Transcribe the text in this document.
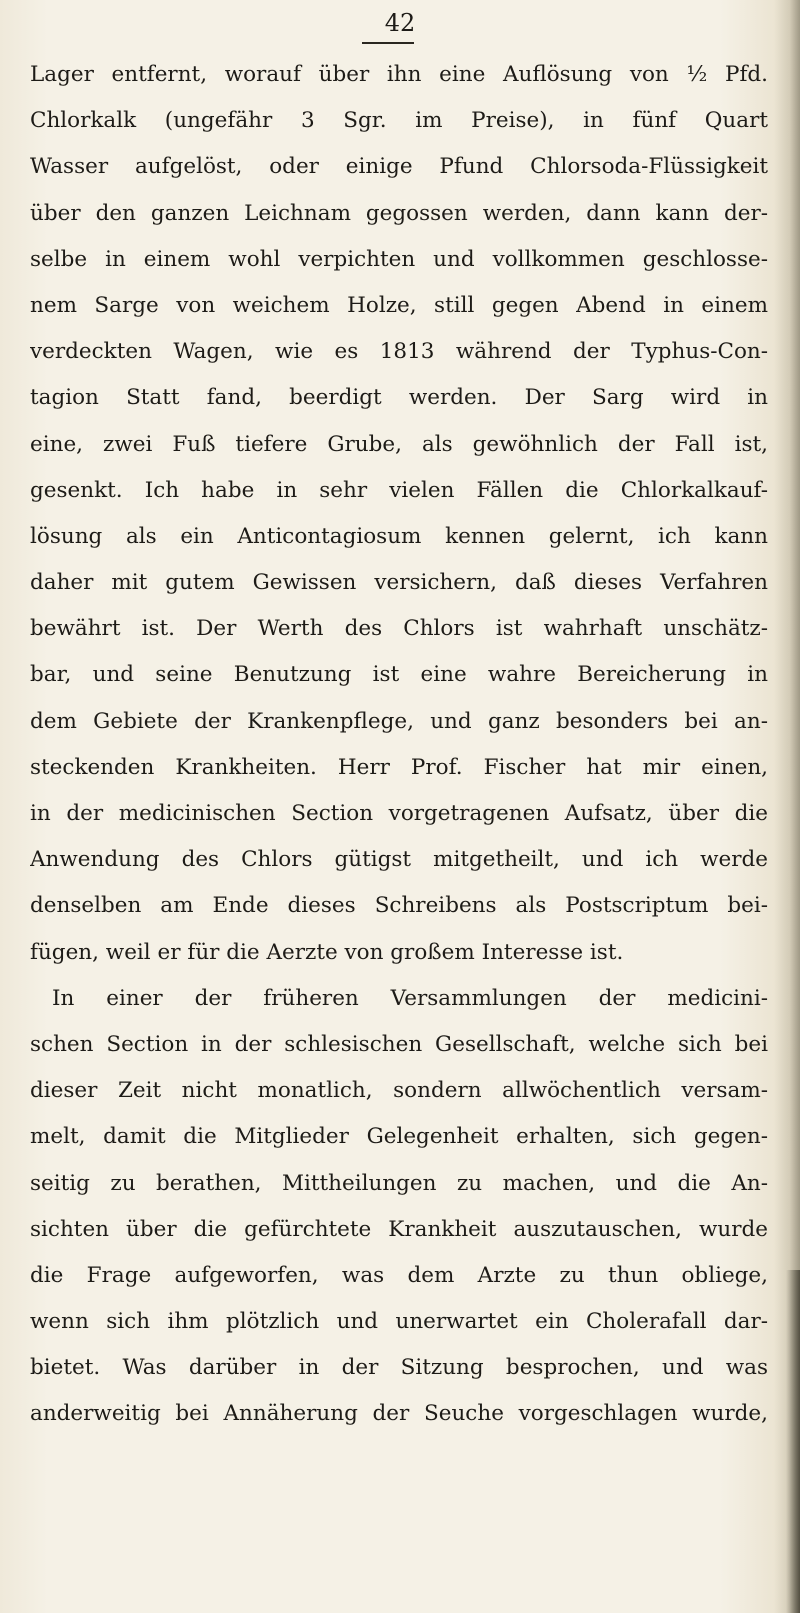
42
Lager entfernt, worauf über ihn eine Auflösung von ½ Pfd.
Chlorkalk (ungefähr 3 Sgr. im Preise), in fünf Quart
Wasser aufgelöst, oder einige Pfund Chlorsoda-Flüssigkeit
über den ganzen Leichnam gegossen werden, dann kann der-
selbe in einem wohl verpichten und vollkommen geschlosse-
nem Sarge von weichem Holze, still gegen Abend in einem
verdeckten Wagen, wie es 1813 während der Typhus-Con-
tagion Statt fand, beerdigt werden. Der Sarg wird in
eine, zwei Fuß tiefere Grube, als gewöhnlich der Fall ist,
gesenkt. Ich habe in sehr vielen Fällen die Chlorkalkauf-
lösung als ein Anticontagiosum kennen gelernt, ich kann
daher mit gutem Gewissen versichern, daß dieses Verfahren
bewährt ist. Der Werth des Chlors ist wahrhaft unschätz-
bar, und seine Benutzung ist eine wahre Bereicherung in
dem Gebiete der Krankenpflege, und ganz besonders bei an-
steckenden Krankheiten. Herr Prof. Fischer hat mir einen,
in der medicinischen Section vorgetragenen Aufsatz, über die
Anwendung des Chlors gütigst mitgetheilt, und ich werde
denselben am Ende dieses Schreibens als Postscriptum bei-
fügen, weil er für die Aerzte von großem Interesse ist.
In einer der früheren Versammlungen der medicini-
schen Section in der schlesischen Gesellschaft, welche sich bei
dieser Zeit nicht monatlich, sondern allwöchentlich versam-
melt, damit die Mitglieder Gelegenheit erhalten, sich gegen-
seitig zu berathen, Mittheilungen zu machen, und die An-
sichten über die gefürchtete Krankheit auszutauschen, wurde
die Frage aufgeworfen, was dem Arzte zu thun obliege,
wenn sich ihm plötzlich und unerwartet ein Cholerafall dar-
bietet. Was darüber in der Sitzung besprochen, und was
anderweitig bei Annäherung der Seuche vorgeschlagen wurde,
